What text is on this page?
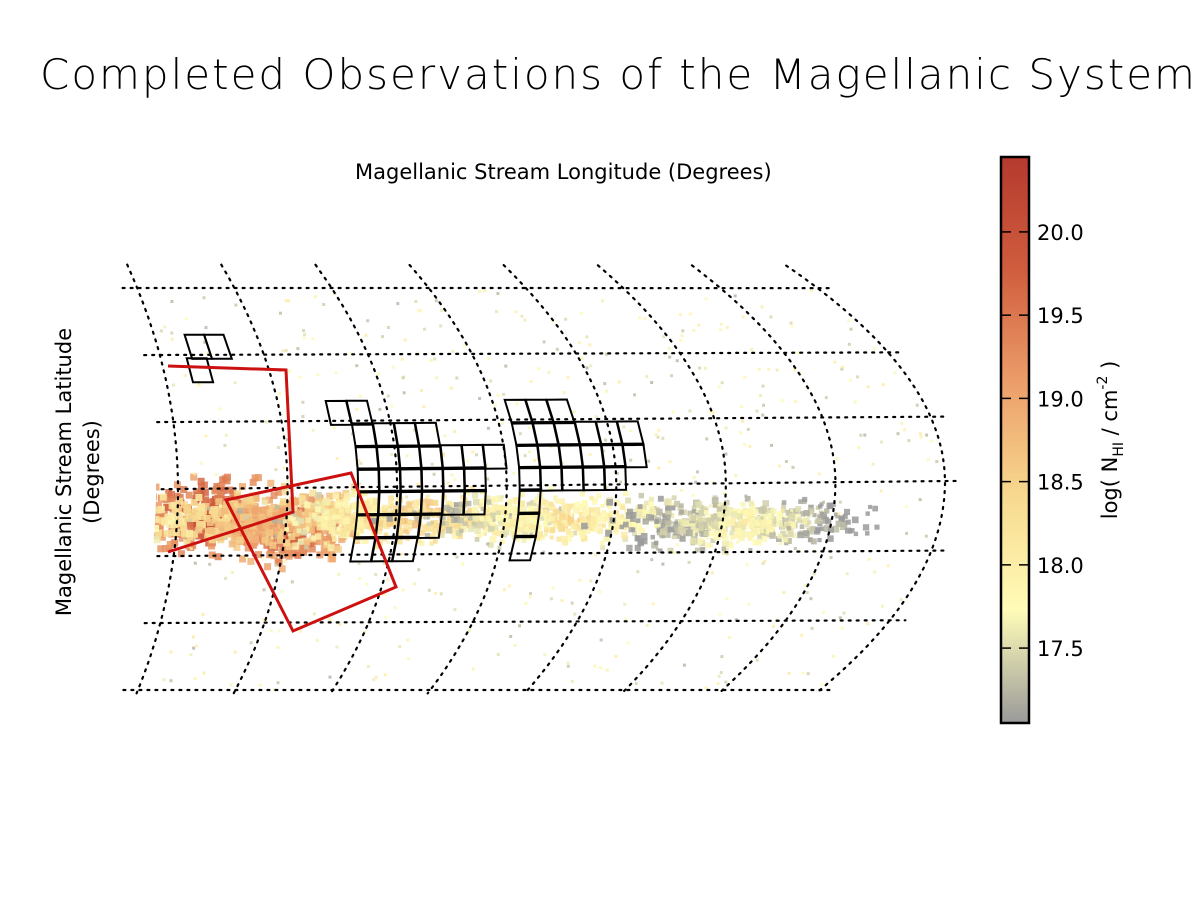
Completed Observations of the Magellanic System
Magellanic Stream Longitude (Degrees)
Magellanic Stream Latitude (Degrees)
17.5
18.0
18.5
19.0
19.5
20.0
log( $N_{HI} / cm^{-2}$ )
